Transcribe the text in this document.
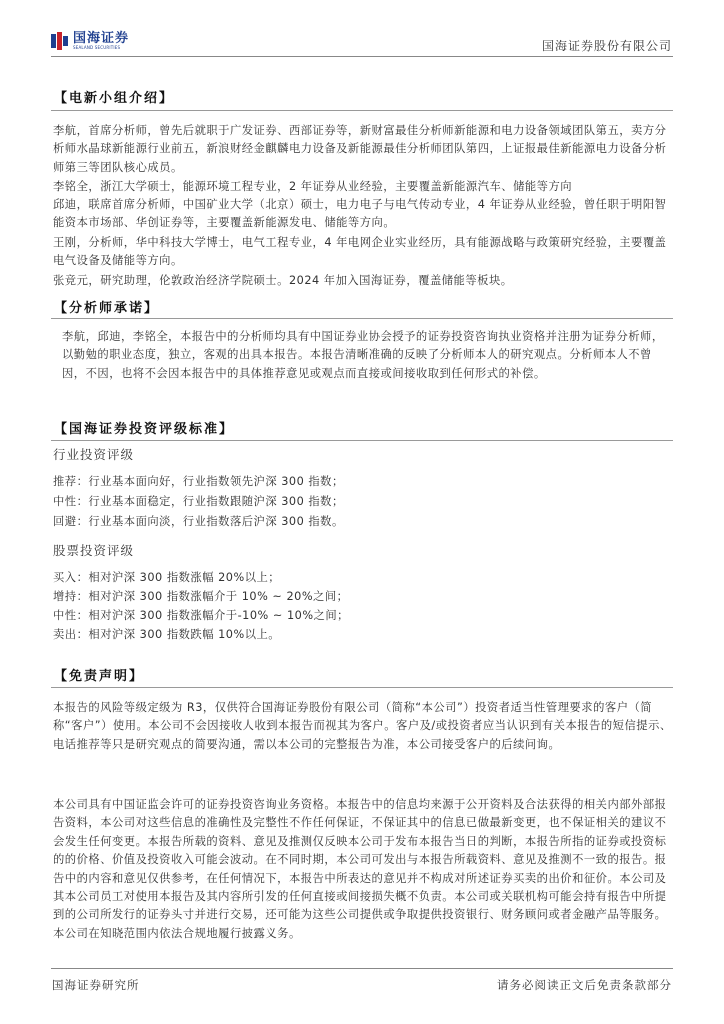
国海证券
SEALAND SECURITIES	国海证券股份有限公司
【电新小组介绍】

李航，首席分析师，曾先后就职于广发证券、西部证券等，新财富最佳分析师新能源和电力设备领域团队第五，卖方分析师水晶球新能源行业前五，新浪财经金麒麟电力设备及新能源最佳分析师团队第四，上证报最佳新能源电力设备分析师第三等团队核心成员。

李铭全，浙江大学硕士，能源环境工程专业，2 年证券从业经验，主要覆盖新能源汽车、储能等方向

邱迪，联席首席分析师，中国矿业大学（北京）硕士，电力电子与电气传动专业，4 年证券从业经验，曾任职于明阳智能资本市场部、华创证券等，主要覆盖新能源发电、储能等方向。

王刚，分析师，华中科技大学博士，电气工程专业，4 年电网企业实业经历，具有能源战略与政策研究经验，主要覆盖电气设备及储能等方向。

张竞元，研究助理，伦敦政治经济学院硕士。2024 年加入国海证券，覆盖储能等板块。

【分析师承诺】

李航，邱迪，李铭全，本报告中的分析师均具有中国证券业协会授予的证券投资咨询执业资格并注册为证券分析师，以勤勉的职业态度，独立，客观的出具本报告。本报告清晰准确的反映了分析师本人的研究观点。分析师本人不曾因，不因，也将不会因本报告中的具体推荐意见或观点而直接或间接收取到任何形式的补偿。

【国海证券投资评级标准】
行业投资评级
推荐：行业基本面向好，行业指数领先沪深 300 指数；
中性：行业基本面稳定，行业指数跟随沪深 300 指数；
回避：行业基本面向淡，行业指数落后沪深 300 指数。
股票投资评级
买入：相对沪深 300 指数涨幅 20%以上；
增持：相对沪深 300 指数涨幅介于 10% ~ 20%之间；
中性：相对沪深 300 指数涨幅介于-10% ~ 10%之间；
卖出：相对沪深 300 指数跌幅 10%以上。
【免责声明】

本报告的风险等级定级为 R3，仅供符合国海证券股份有限公司（简称“本公司”）投资者适当性管理要求的客户（简称“客户”）使用。本公司不会因接收人收到本报告而视其为客户。客户及/或投资者应当认识到有关本报告的短信提示、电话推荐等只是研究观点的简要沟通，需以本公司的完整报告为准，本公司接受客户的后续问询。

本公司具有中国证监会许可的证券投资咨询业务资格。本报告中的信息均来源于公开资料及合法获得的相关内部外部报告资料，本公司对这些信息的准确性及完整性不作任何保证，不保证其中的信息已做最新变更，也不保证相关的建议不会发生任何变更。本报告所载的资料、意见及推测仅反映本公司于发布本报告当日的判断，本报告所指的证券或投资标的的价格、价值及投资收入可能会波动。在不同时期，本公司可发出与本报告所载资料、意见及推测不一致的报告。报告中的内容和意见仅供参考，在任何情况下，本报告中所表达的意见并不构成对所述证券买卖的出价和征价。本公司及其本公司员工对使用本报告及其内容所引发的任何直接或间接损失概不负责。本公司或关联机构可能会持有报告中所提到的公司所发行的证券头寸并进行交易，还可能为这些公司提供或争取提供投资银行、财务顾问或者金融产品等服务。本公司在知晓范围内依法合规地履行披露义务。

国海证券研究所	请务必阅读正文后免责条款部分
